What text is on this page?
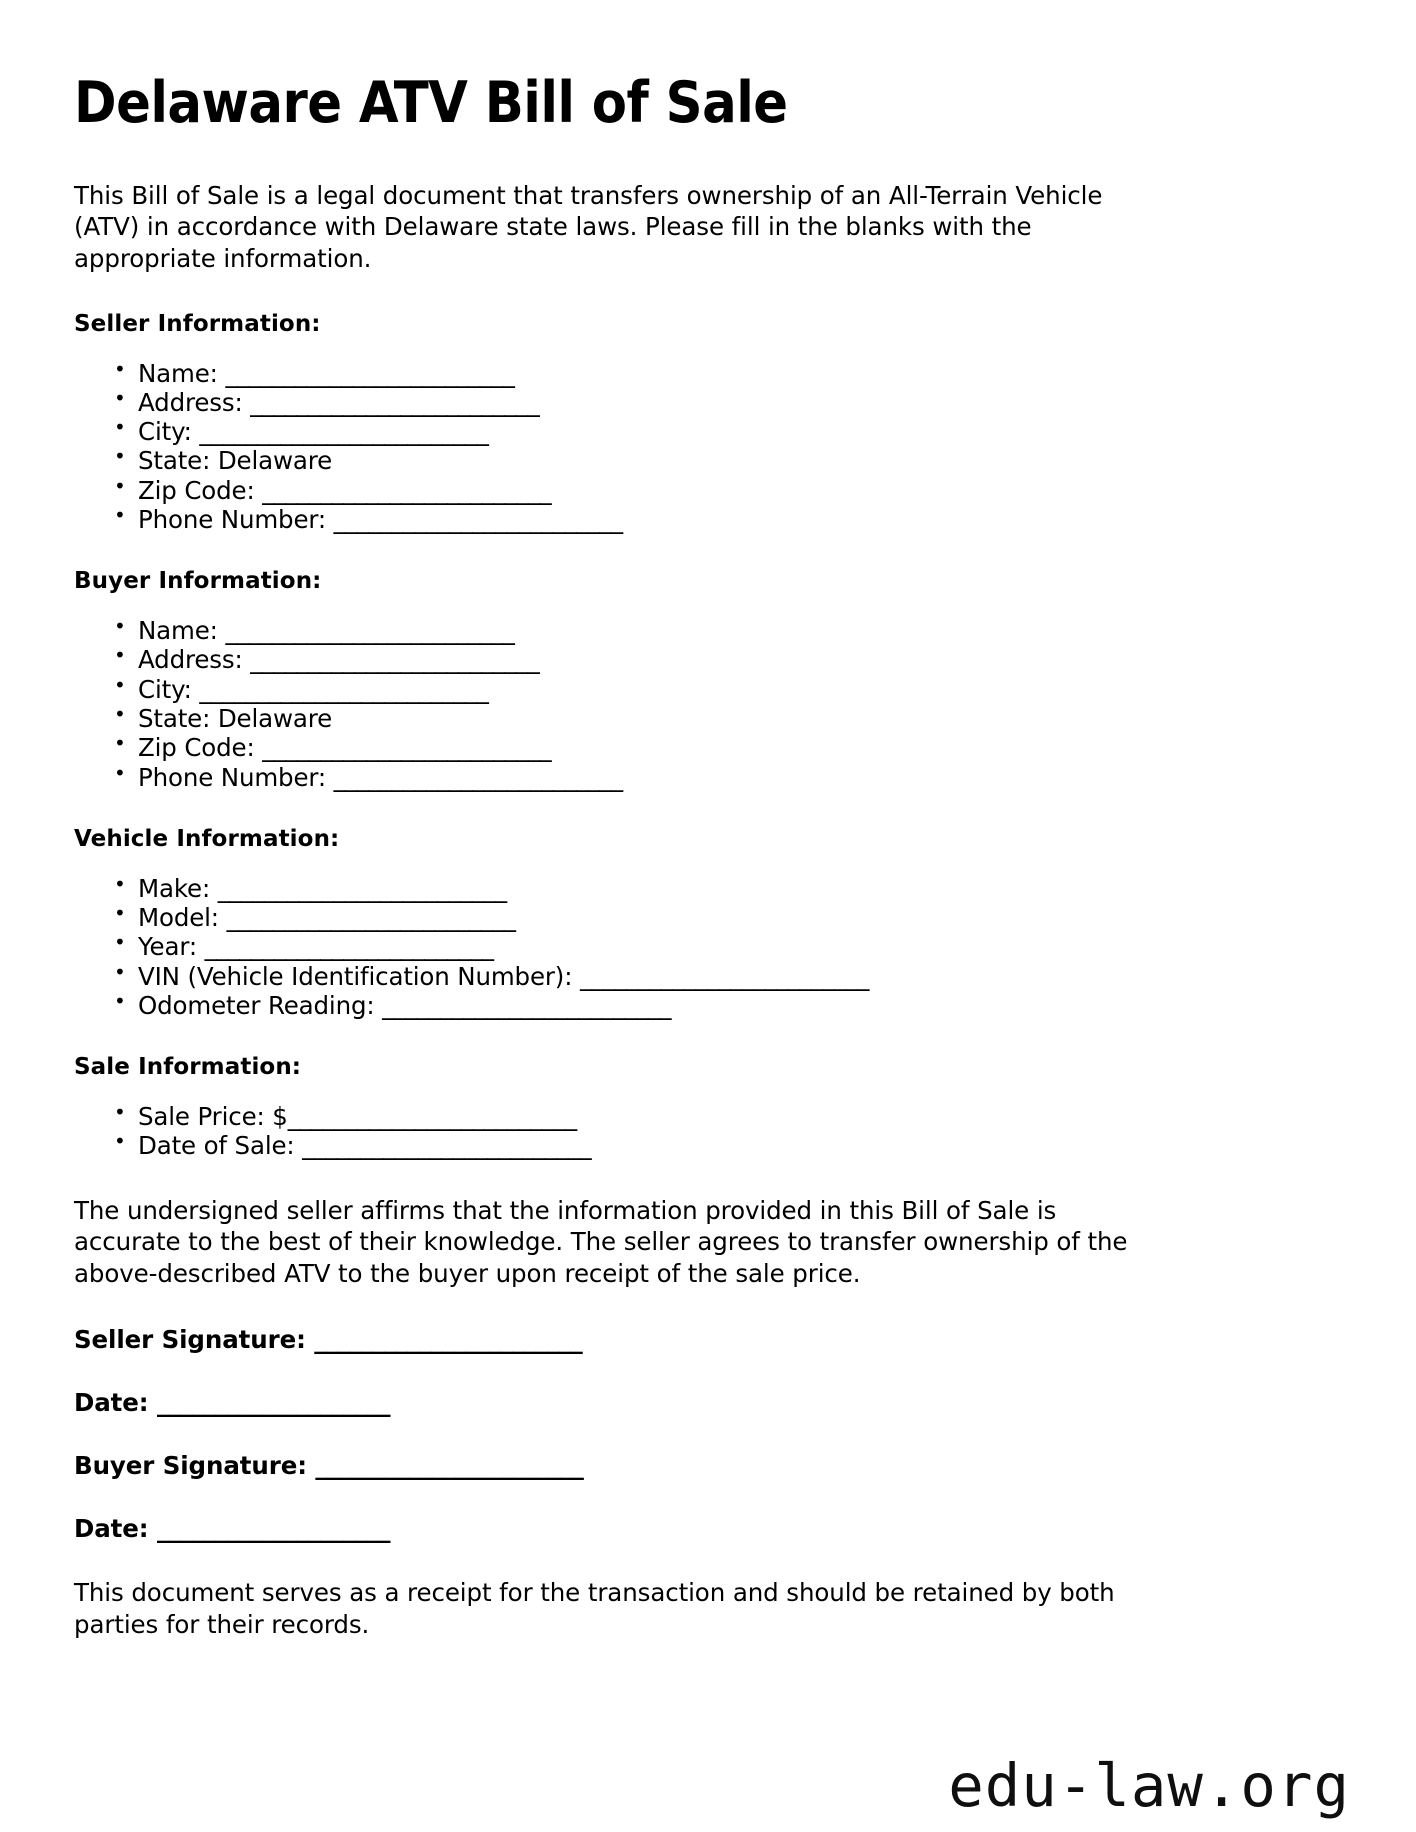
Delaware ATV Bill of Sale

This Bill of Sale is a legal document that transfers ownership of an All-Terrain Vehicle (ATV) in accordance with Delaware state laws. Please fill in the blanks with the appropriate information.

Seller Information:
• Name: _________________________
• Address: _________________________
• City: _________________________
• State: Delaware
• Zip Code: _________________________
• Phone Number: _________________________
Buyer Information:
• Name: _________________________
• Address: _________________________
• City: _________________________
• State: Delaware
• Zip Code: _________________________
• Phone Number: _________________________
Vehicle Information:
• Make: _________________________
• Model: _________________________
• Year: _________________________
• VIN (Vehicle Identification Number): _________________________
• Odometer Reading: _________________________
Sale Information:
• Sale Price: $_________________________
• Date of Sale: _________________________

The undersigned seller affirms that the information provided in this Bill of Sale is accurate to the best of their knowledge. The seller agrees to transfer ownership of the above-described ATV to the buyer upon receipt of the sale price.

Seller Signature: _______________________
Date: ____________________
Buyer Signature: _______________________
Date: ____________________

This document serves as a receipt for the transaction and should be retained by both parties for their records.

edu-law.org
